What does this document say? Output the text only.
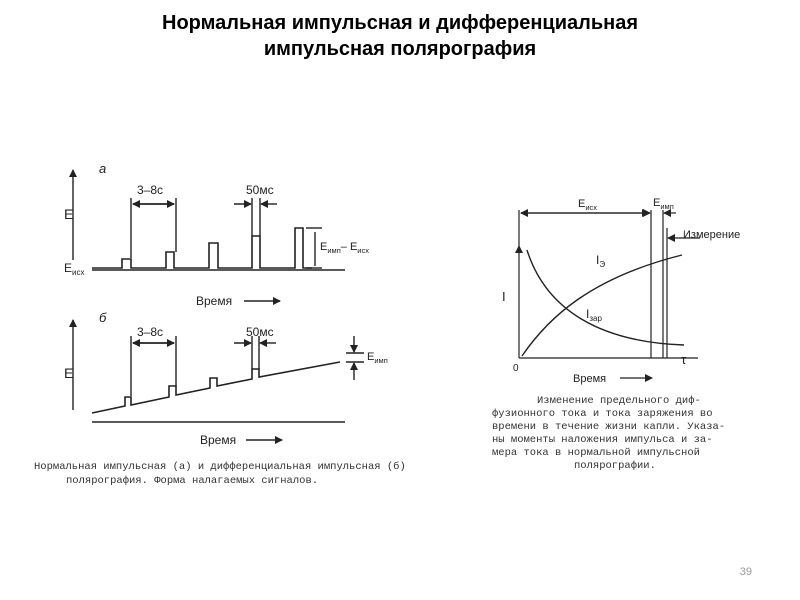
Нормальная импульсная и дифференциальная
импульсная полярография
а
E
$E_{иcx}$
3–8с	50мс
$E_{имп}-$ $E_{иcx}$
Время
б
E
3–8с	50мс
$E_{имп}$
Время
Нормальная импульсная (а) и дифференциальная импульсная (б)
полярография. Форма налагаемых сигналов.
I
0
τ
Время
$E_{исх}$	$E_{имп}$
Измерение
$I_Э$
$I_{зар}$
Изменение предельного диф-
фузионного тока и тока заряжения во
времени в течение жизни капли. Указа-
ны моменты наложения импульса и за-
мера тока в нормальной импульсной
полярографии.
39
